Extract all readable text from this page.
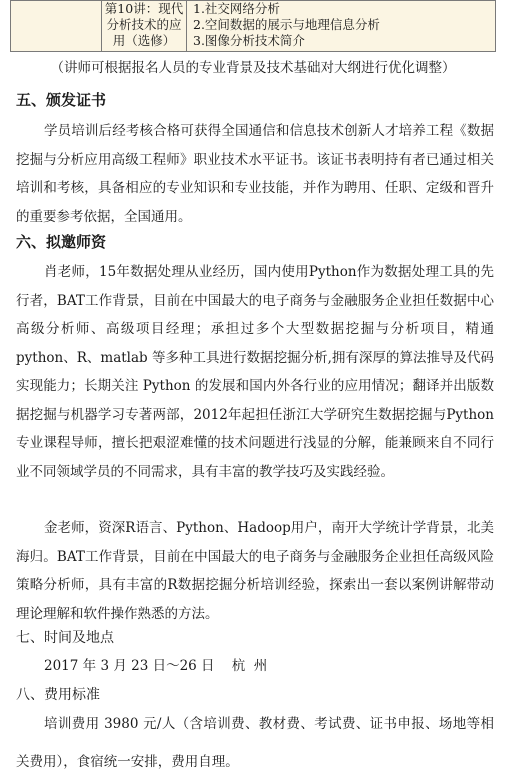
	第10讲：现代分析技术的应用（选修）	
1.社交网络分析
2.空间数据的展示与地理信息分析
3.图像分析技术简介
（讲师可根据报名人员的专业背景及技术基础对大纲进行优化调整）
五、颁发证书

学员培训后经考核合格可获得全国通信和信息技术创新人才培养工程《数据挖掘与分析应用高级工程师》职业技术水平证书。该证书表明持有者已通过相关培训和考核，具备相应的专业知识和专业技能，并作为聘用、任职、定级和晋升的重要参考依据，全国通用。

六、拟邀师资

肖老师，15年数据处理从业经历，国内使用Python作为数据处理工具的先行者，BAT工作背景，目前在中国最大的电子商务与金融服务企业担任数据中心高级分析师、高级项目经理；承担过多个大型数据挖掘与分析项目，精通 python、R、matlab 等多种工具进行数据挖掘分析,拥有深厚的算法推导及代码实现能力；长期关注 Python 的发展和国内外各行业的应用情况；翻译并出版数据挖掘与机器学习专著两部，2012年起担任浙江大学研究生数据挖掘与Python专业课程导师，擅长把艰涩难懂的技术问题进行浅显的分解，能兼顾来自不同行业不同领域学员的不同需求，具有丰富的教学技巧及实践经验。

金老师，资深R语言、Python、Hadoop用户，南开大学统计学背景，北美海归。BAT工作背景，目前在中国最大的电子商务与金融服务企业担任高级风险策略分析师，具有丰富的R数据挖掘分析培训经验，探索出一套以案例讲解带动理论理解和软件操作熟悉的方法。

七、时间及地点
2017 年 3 月 23 日～26 日    杭  州
八、费用标准

培训费用 3980 元/人（含培训费、教材费、考试费、证书申报、场地等相关费用），食宿统一安排，费用自理。
